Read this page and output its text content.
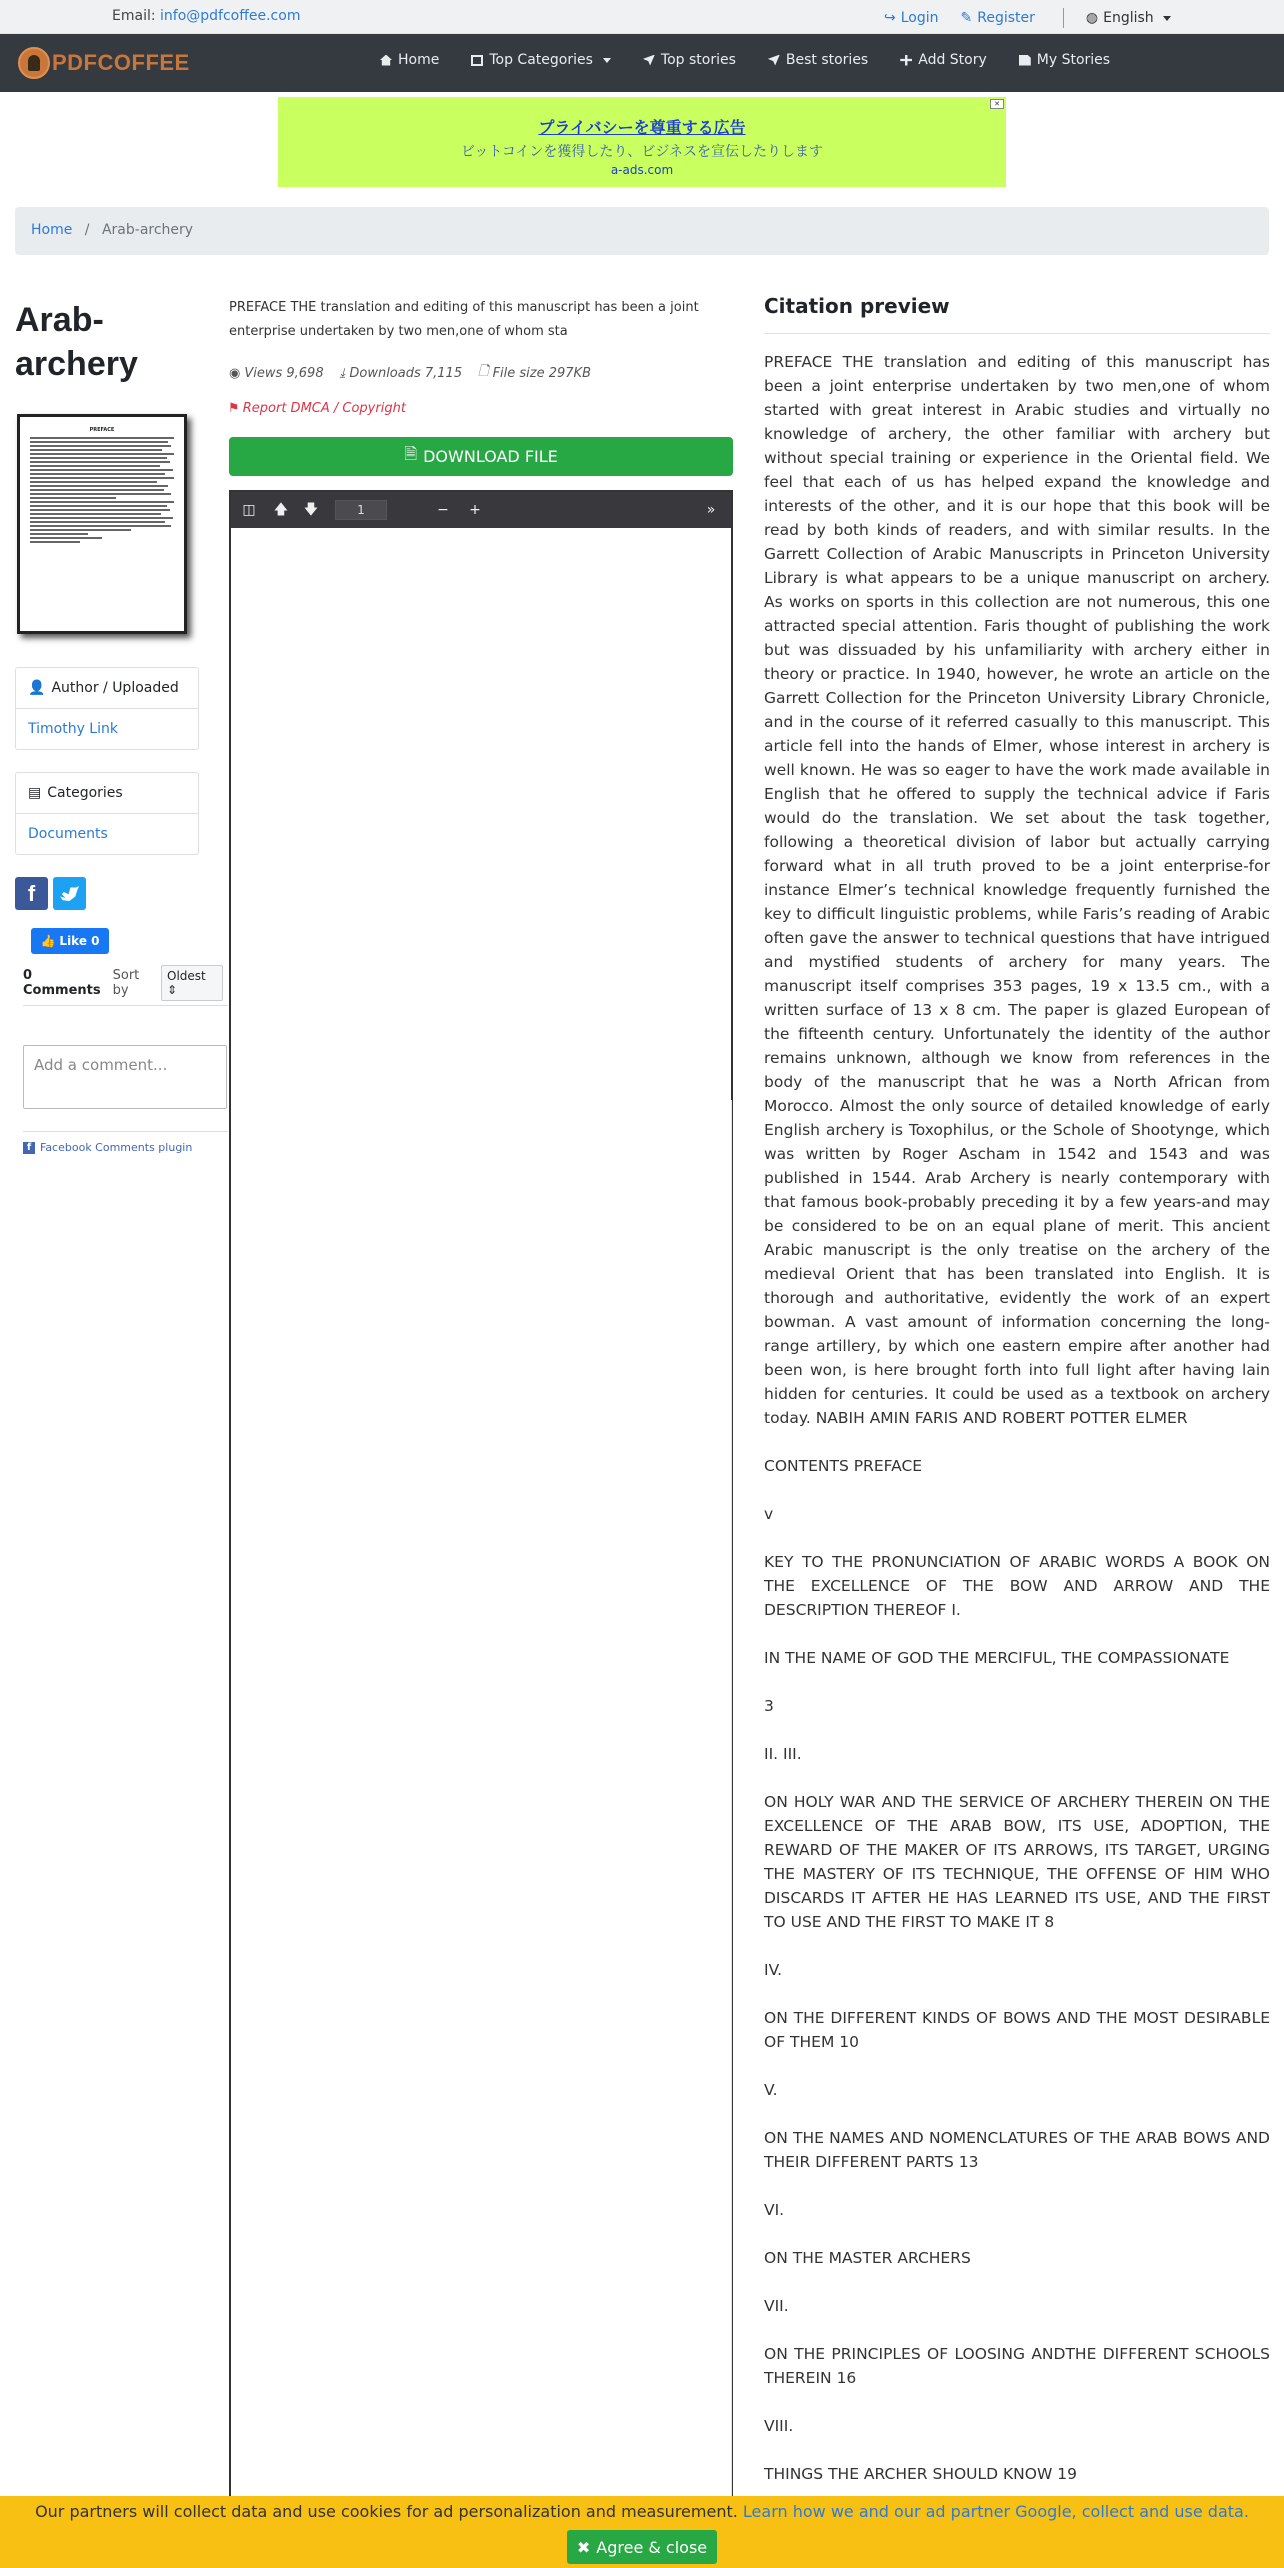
Email: info@pdfcoffee.com	↪ Login ✎ Register	◍ English
PDFCOFFEE	Home	Top Categories	Top stories	Best stories	Add Story	My Stories
✕
プライバシーを尊重する広告
ビットコインを獲得したり、ビジネスを宣伝したりします
a-ads.com
Home / Arab-archery
Arab-archery
PREFACE
👤 Author / Uploaded
Timothy Link
▤ Categories
Documents
f
👍 Like 0
0 Comments
Sort by
Oldest ⇕
Add a comment...
f Facebook Comments plugin

PREFACE THE translation and editing of this manuscript has been a joint enterprise undertaken by two men,one of whom sta

◉ Views 9,698 ⤓ Downloads 7,115 🗋 File size 297KB
⚑ Report DMCA / Copyright
🗎 DOWNLOAD FILE
◫ 🡅 🡇	1	− +	»
Citation preview

PREFACE THE translation and editing of this manuscript has been a joint enterprise undertaken by two men,one of whom started with great interest in Arabic studies and virtually no knowledge of archery, the other familiar with archery but without special training or experience in the Oriental field. We feel that each of us has helped expand the knowledge and interests of the other, and it is our hope that this book will be read by both kinds of readers, and with similar results. In the Garrett Collection of Arabic Manuscripts in Princeton University Library is what appears to be a unique manuscript on archery. As works on sports in this collection are not numerous, this one attracted special attention. Faris thought of publishing the work but was dissuaded by his unfamiliarity with archery either in theory or practice. In 1940, however, he wrote an article on the Garrett Collection for the Princeton University Library Chronicle, and in the course of it referred casually to this manuscript. This article fell into the hands of Elmer, whose interest in archery is well known. He was so eager to have the work made available in English that he offered to supply the technical advice if Faris would do the translation. We set about the task together, following a theoretical division of labor but actually carrying forward what in all truth proved to be a joint enterprise-for instance Elmer’s technical knowledge frequently furnished the key to difficult linguistic problems, while Faris’s reading of Arabic often gave the answer to technical questions that have intrigued and mystified students of archery for many years. The manuscript itself comprises 353 pages, 19 x 13.5 cm., with a written surface of 13 x 8 cm. The paper is glazed European of the fifteenth century. Unfortunately the identity of the author remains unknown, although we know from references in the body of the manuscript that he was a North African from Morocco. Almost the only source of detailed knowledge of early English archery is Toxophilus, or the Schole of Shootynge, which was written by Roger Ascham in 1542 and 1543 and was published in 1544. Arab Archery is nearly contemporary with that famous book-probably preceding it by a few years-and may be considered to be on an equal plane of merit. This ancient Arabic manuscript is the only treatise on the archery of the medieval Orient that has been translated into English. It is thorough and authoritative, evidently the work of an expert bowman. A vast amount of information concerning the long-range artillery, by which one eastern empire after another had been won, is here brought forth into full light after having lain hidden for centuries. It could be used as a textbook on archery today. NABIH AMIN FARIS AND ROBERT POTTER ELMER

CONTENTS PREFACE

v

KEY TO THE PRONUNCIATION OF ARABIC WORDS A BOOK ON THE EXCELLENCE OF THE BOW AND ARROW AND THE DESCRIPTION THEREOF I.

IN THE NAME OF GOD THE MERCIFUL, THE COMPASSIONATE

3

II. III.

ON HOLY WAR AND THE SERVICE OF ARCHERY THEREIN ON THE EXCELLENCE OF THE ARAB BOW, ITS USE, ADOPTION, THE REWARD OF THE MAKER OF ITS ARROWS, ITS TARGET, URGING THE MASTERY OF ITS TECHNIQUE, THE OFFENSE OF HIM WHO DISCARDS IT AFTER HE HAS LEARNED ITS USE, AND THE FIRST TO USE AND THE FIRST TO MAKE IT 8

IV.

ON THE DIFFERENT KINDS OF BOWS AND THE MOST DESIRABLE OF THEM 10

V.

ON THE NAMES AND NOMENCLATURES OF THE ARAB BOWS AND THEIR DIFFERENT PARTS 13

VI.

ON THE MASTER ARCHERS

VII.

ON THE PRINCIPLES OF LOOSING ANDTHE DIFFERENT SCHOOLS THEREIN 16

VIII.

THINGS THE ARCHER SHOULD KNOW 19

Our partners will collect data and use cookies for ad personalization and measurement. Learn how we and our ad partner Google, collect and use data.
✖ Agree & close
